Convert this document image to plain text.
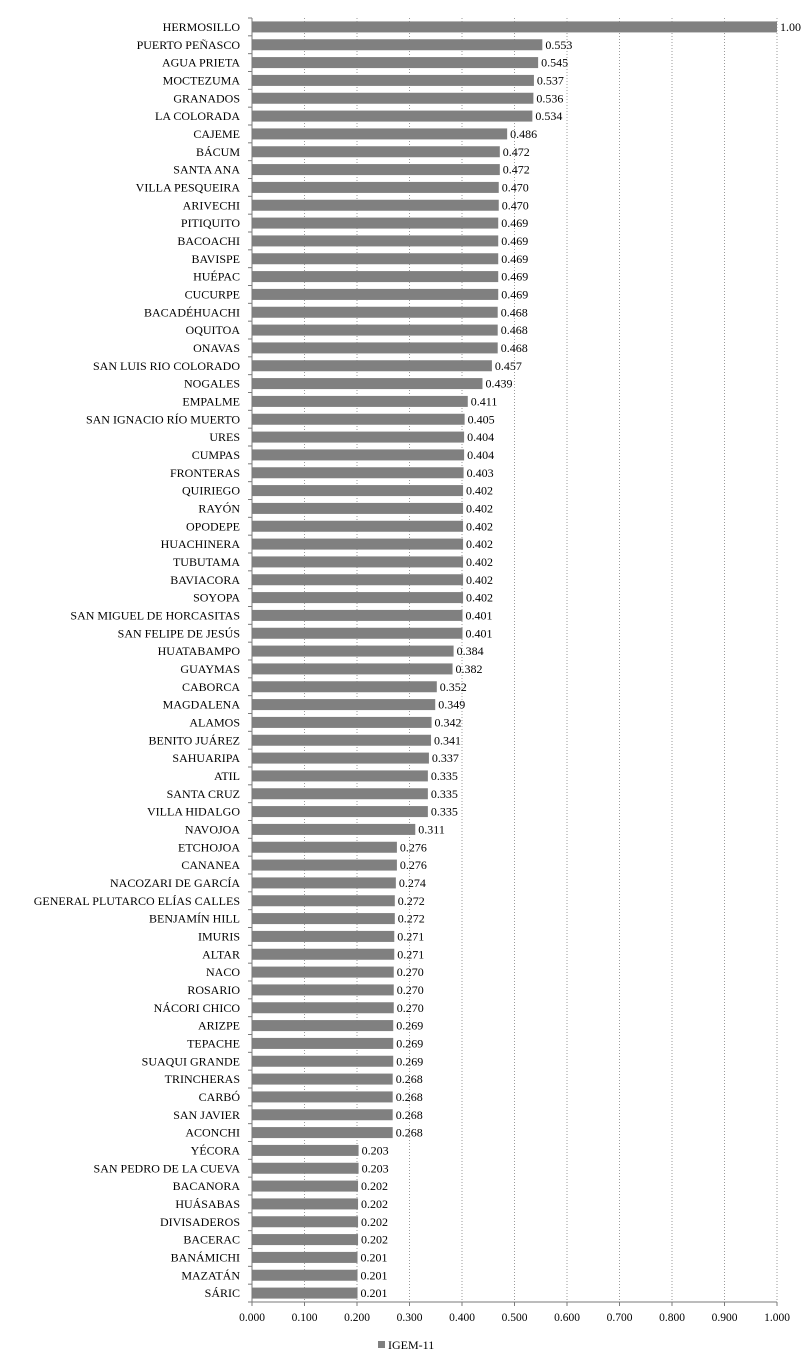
HERMOSILLO
PUERTO PEÑASCO
AGUA PRIETA
MOCTEZUMA
GRANADOS
LA COLORADA
CAJEME
BÁCUM
SANTA ANA
VILLA PESQUEIRA
ARIVECHI
PITIQUITO
BACOACHI
BAVISPE
HUÉPAC
CUCURPE
BACADÉHUACHI
OQUITOA
ONAVAS
SAN LUIS RIO COLORADO
NOGALES
EMPALME
SAN IGNACIO RÍO MUERTO
URES
CUMPAS
FRONTERAS
QUIRIEGO
RAYÓN
OPODEPE
HUACHINERA
TUBUTAMA
BAVIACORA
SOYOPA
SAN MIGUEL DE HORCASITAS
SAN FELIPE DE JESÚS
HUATABAMPO
GUAYMAS
CABORCA
MAGDALENA
ALAMOS
BENITO JUÁREZ
SAHUARIPA
ATIL
SANTA CRUZ
VILLA HIDALGO
NAVOJOA
ETCHOJOA
CANANEA
NACOZARI DE GARCÍA
GENERAL PLUTARCO ELÍAS CALLES
BENJAMÍN HILL
IMURIS
ALTAR
NACO
ROSARIO
NÁCORI CHICO
ARIZPE
TEPACHE
SUAQUI GRANDE
TRINCHERAS
CARBÓ
SAN JAVIER
ACONCHI
YÉCORA
SAN PEDRO DE LA CUEVA
BACANORA
HUÁSABAS
DIVISADEROS
BACERAC
BANÁMICHI
MAZATÁN
SÁRIC
1.00
0.553
0.545
0.537
0.536
0.534
0.486
0.472
0.472
0.470
0.470
0.469
0.469
0.469
0.469
0.469
0.468
0.468
0.468
0.457
0.439
0.411
0.405
0.404
0.404
0.403
0.402
0.402
0.402
0.402
0.402
0.402
0.402
0.401
0.401
0.384
0.382
0.352
0.349
0.342
0.341
0.337
0.335
0.335
0.335
0.311
0.276
0.276
0.274
0.272
0.272
0.271
0.271
0.270
0.270
0.270
0.269
0.269
0.269
0.268
0.268
0.268
0.268
0.203
0.203
0.202
0.202
0.202
0.202
0.201
0.201
0.201
0.000 0.100 0.200 0.300 0.400 0.500 0.600 0.700 0.800 0.900 1.000
IGEM-11
